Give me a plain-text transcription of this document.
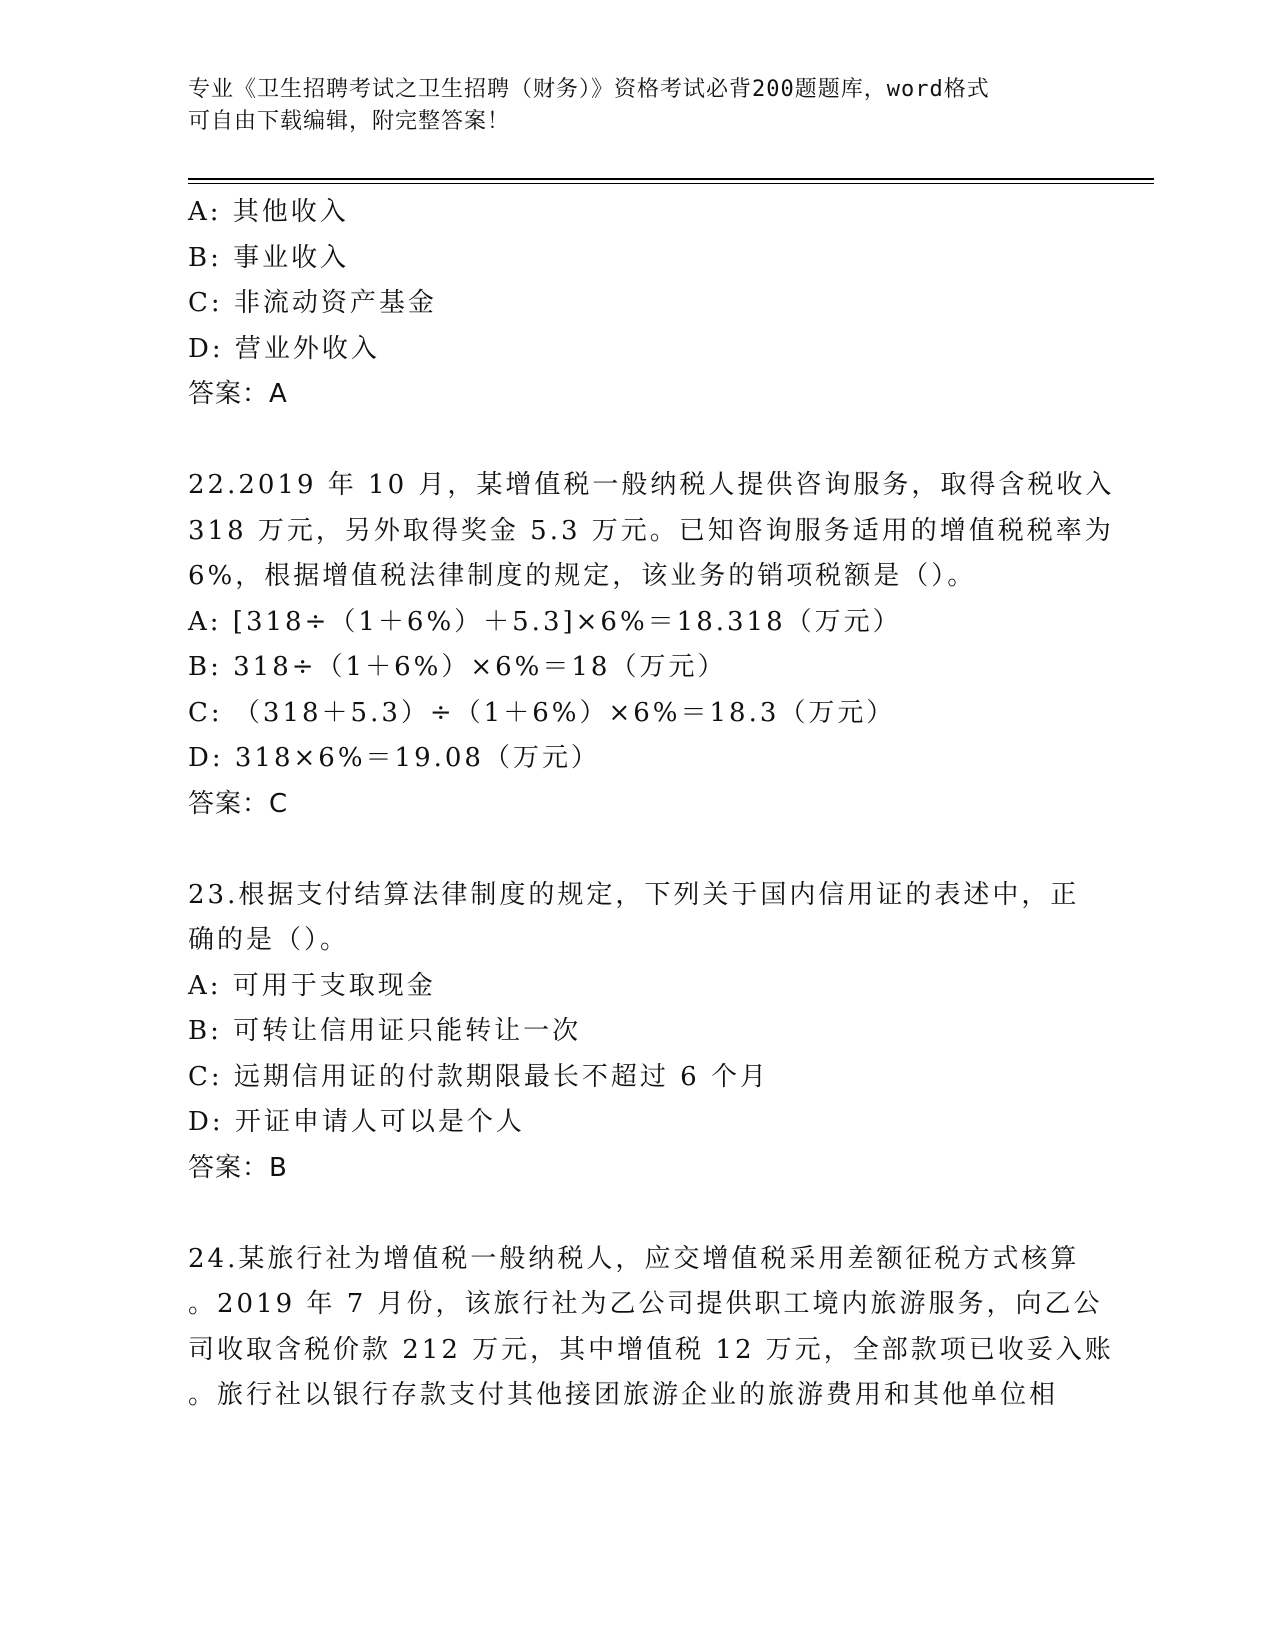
专业《卫生招聘考试之卫生招聘（财务）》资格考试必背200题题库，word格式
可自由下载编辑，附完整答案！
A: 其他收入
B: 事业收入
C: 非流动资产基金
D: 营业外收入
答案：A
22.2019 年 10 月，某增值税一般纳税人提供咨询服务，取得含税收入
318 万元，另外取得奖金 5.3 万元。已知咨询服务适用的增值税税率为
6%，根据增值税法律制度的规定，该业务的销项税额是（）。
A: [318÷（1＋6%）＋5.3]×6%＝18.318（万元）
B: 318÷（1＋6%）×6%＝18（万元）
C: （318＋5.3）÷（1＋6%）×6%＝18.3（万元）
D: 318×6%＝19.08（万元）
答案：C
23.根据支付结算法律制度的规定，下列关于国内信用证的表述中，正
确的是（）。
A: 可用于支取现金
B: 可转让信用证只能转让一次
C: 远期信用证的付款期限最长不超过 6 个月
D: 开证申请人可以是个人
答案：B
24.某旅行社为增值税一般纳税人，应交增值税采用差额征税方式核算
。2019 年 7 月份，该旅行社为乙公司提供职工境内旅游服务，向乙公
司收取含税价款 212 万元，其中增值税 12 万元，全部款项已收妥入账
。旅行社以银行存款支付其他接团旅游企业的旅游费用和其他单位相
